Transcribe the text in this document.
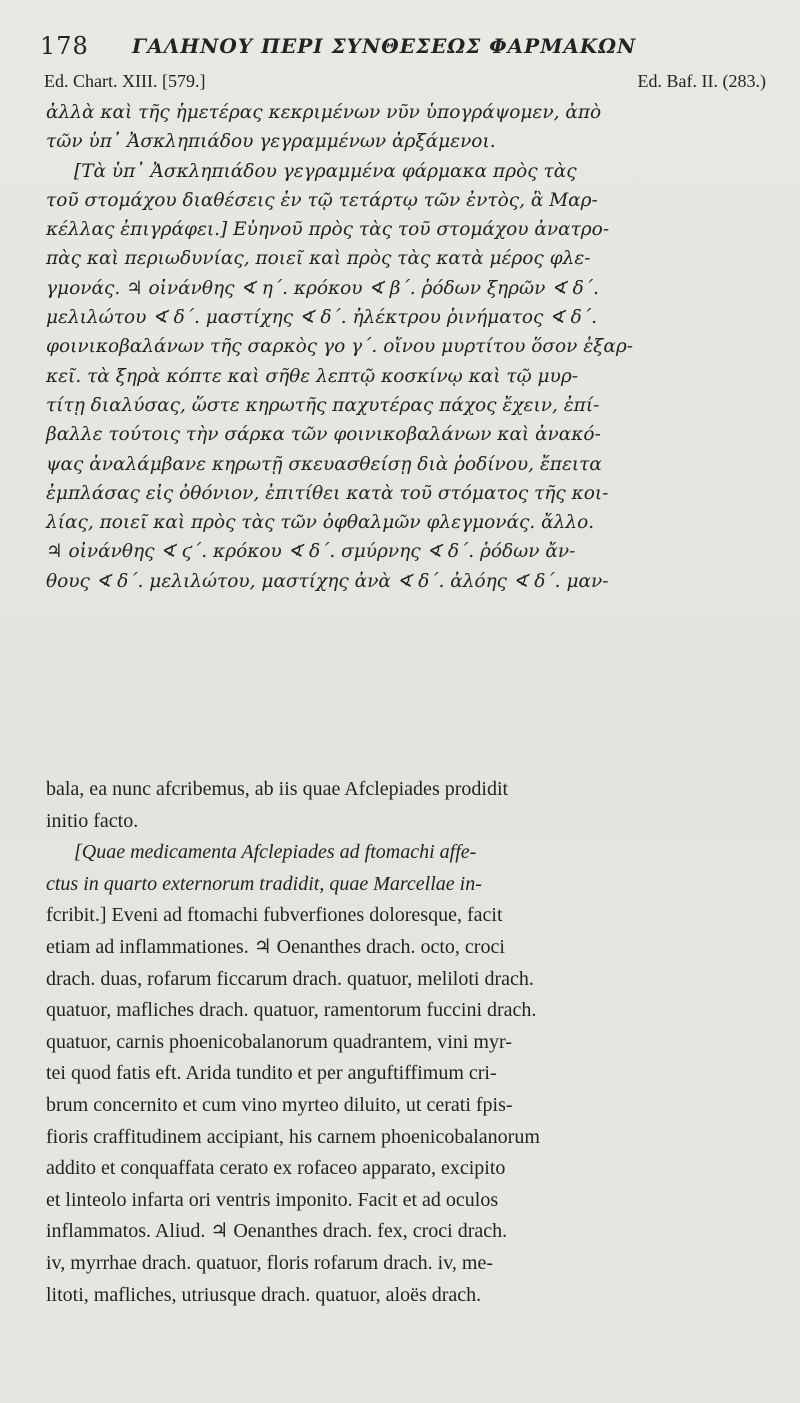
178 ΓΑΛΗΝΟΥ ΠΕΡΙ ΣΥΝΘΕΣΕΩΣ ΦΑΡΜΑΚΩΝ
Ed. Chart. XIII. [579.]	Ed. Baf. II. (283.)
ἀλλὰ καὶ τῆς ἡμετέρας κεκριμένων νῦν ὑπογράψομεν, ἀπὸ
τῶν ὑπ᾽ Ἀσκληπιάδου γεγραμμένων ἀρξάμενοι.
[Τὰ ὑπ᾽ Ἀσκληπιάδου γεγραμμένα φάρμακα πρὸς τὰς
τοῦ στομάχου διαθέσεις ἐν τῷ τετάρτῳ τῶν ἐντὸς, ἃ Μαρ-
κέλλας ἐπιγράφει.] Εὐηνοῦ πρὸς τὰς τοῦ στομάχου ἀνατρο-
πὰς καὶ περιωδυνίας, ποιεῖ καὶ πρὸς τὰς κατὰ μέρος φλε-
γμονάς. ♃ οἰνάνθης ∢ η΄. κρόκου ∢ β΄. ῥόδων ξηρῶν ∢ δ΄.
μελιλώτου ∢ δ΄. μαστίχης ∢ δ΄. ἠλέκτρου ῥινήματος ∢ δ΄.
φοινικοβαλάνων τῆς σαρκὸς γο γ΄. οἴνου μυρτίτου ὅσον ἐξαρ-
κεῖ. τὰ ξηρὰ κόπτε καὶ σῆθε λεπτῷ κοσκίνῳ καὶ τῷ μυρ-
τίτῃ διαλύσας, ὥστε κηρωτῆς παχυτέρας πάχος ἔχειν, ἐπί-
βαλλε τούτοις τὴν σάρκα τῶν φοινικοβαλάνων καὶ ἀνακό-
ψας ἀναλάμβανε κηρωτῇ σκευασθείσῃ διὰ ῥοδίνου, ἔπειτα
ἐμπλάσας εἰς ὀθόνιον, ἐπιτίθει κατὰ τοῦ στόματος τῆς κοι-
λίας, ποιεῖ καὶ πρὸς τὰς τῶν ὀφθαλμῶν φλεγμονάς. ἄλλο.
♃ οἰνάνθης ∢ ϛ΄. κρόκου ∢ δ΄. σμύρνης ∢ δ΄. ῥόδων ἄν-
θους ∢ δ΄. μελιλώτου, μαστίχης ἀνὰ ∢ δ΄. ἀλόης ∢ δ΄. μαν-
bala, ea nunc afcribemus, ab iis quae Afclepiades prodidit
initio facto.
[Quae medicamenta Afclepiades ad ftomachi affe-
ctus in quarto externorum tradidit, quae Marcellae in-
fcribit.] Eveni ad ftomachi fubverfiones doloresque, facit
etiam ad inflammationes. ♃ Oenanthes drach. octo, croci
drach. duas, rofarum ficcarum drach. quatuor, meliloti drach.
quatuor, mafliches drach. quatuor, ramentorum fuccini drach.
quatuor, carnis phoenicobalanorum quadrantem, vini myr-
tei quod fatis eft. Arida tundito et per anguftiffimum cri-
brum concernito et cum vino myrteo diluito, ut cerati fpis-
fioris craffitudinem accipiant, his carnem phoenicobalanorum
addito et conquaffata cerato ex rofaceo apparato, excipito
et linteolo infarta ori ventris imponito. Facit et ad oculos
inflammatos. Aliud. ♃ Oenanthes drach. fex, croci drach.
iv, myrrhae drach. quatuor, floris rofarum drach. iv, me-
litoti, mafliches, utriusque drach. quatuor, aloës drach.
